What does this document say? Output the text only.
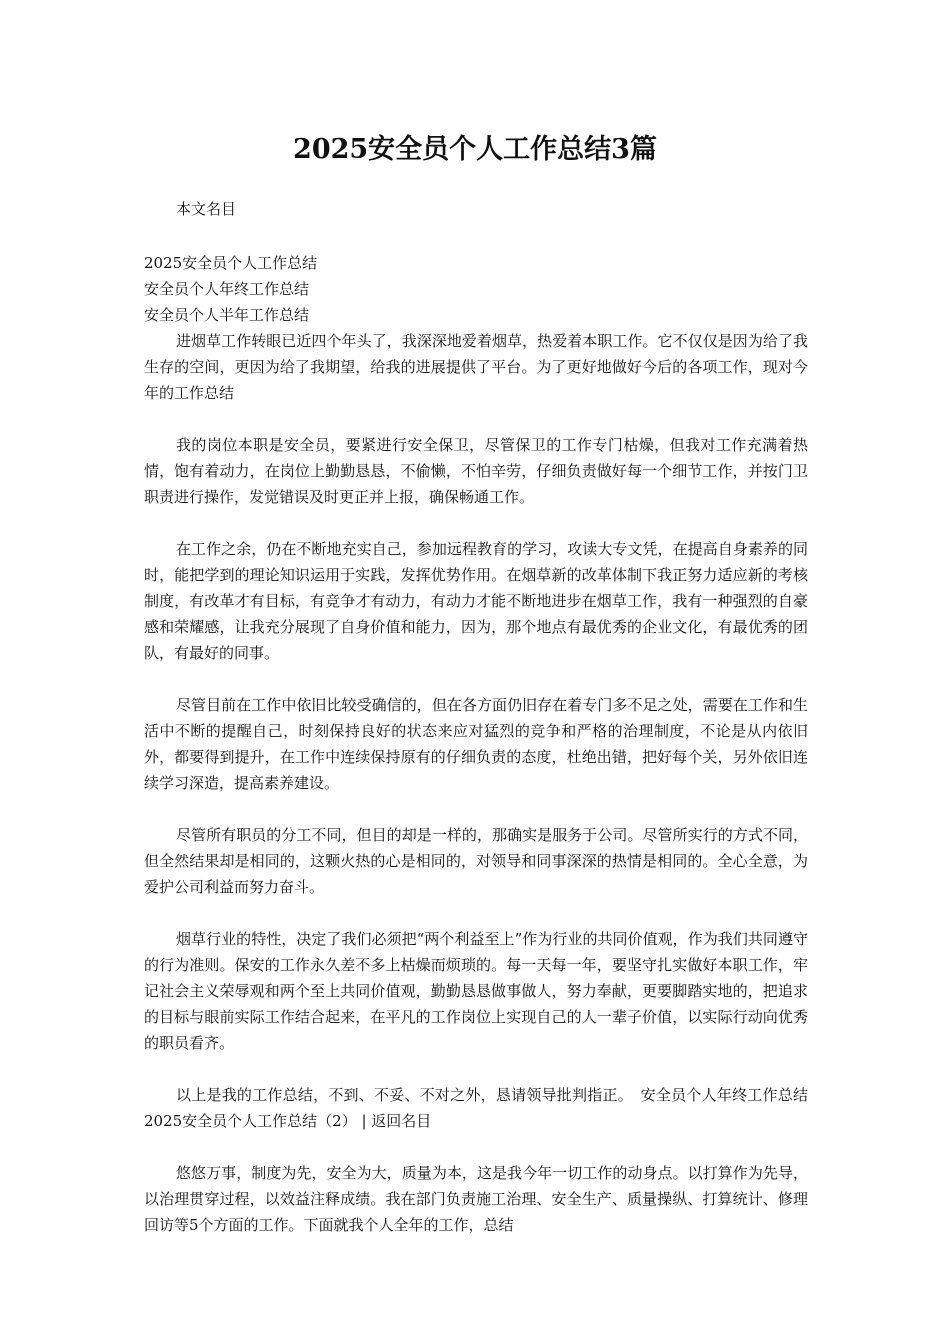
2025安全员个人工作总结3篇

本文名目

2025安全员个人工作总结
安全员个人年终工作总结
安全员个人半年工作总结

进烟草工作转眼已近四个年头了，我深深地爱着烟草，热爱着本职工作。它不仅仅是因为给了我生存的空间，更因为给了我期望，给我的进展提供了平台。为了更好地做好今后的各项工作，现对今年的工作总结

我的岗位本职是安全员，要紧进行安全保卫，尽管保卫的工作专门枯燥，但我对工作充满着热情，饱有着动力，在岗位上勤勤恳恳，不偷懒，不怕辛劳，仔细负责做好每一个细节工作，并按门卫职责进行操作，发觉错误及时更正并上报，确保畅通工作。

在工作之余，仍在不断地充实自己，参加远程教育的学习，攻读大专文凭，在提高自身素养的同时，能把学到的理论知识运用于实践，发挥优势作用。在烟草新的改革体制下我正努力适应新的考核制度，有改革才有目标，有竞争才有动力，有动力才能不断地进步在烟草工作，我有一种强烈的自豪感和荣耀感，让我充分展现了自身价值和能力，因为，那个地点有最优秀的企业文化，有最优秀的团队，有最好的同事。

尽管目前在工作中依旧比较受确信的，但在各方面仍旧存在着专门多不足之处，需要在工作和生活中不断的提醒自己，时刻保持良好的状态来应对猛烈的竞争和严格的治理制度，不论是从内依旧外，都要得到提升，在工作中连续保持原有的仔细负责的态度，杜绝出错，把好每个关，另外依旧连续学习深造，提高素养建设。

尽管所有职员的分工不同，但目的却是一样的，那确实是服务于公司。尽管所实行的方式不同，但全然结果却是相同的，这颗火热的心是相同的，对领导和同事深深的热情是相同的。全心全意，为爱护公司利益而努力奋斗。

烟草行业的特性，决定了我们必须把“两个利益至上”作为行业的共同价值观，作为我们共同遵守的行为准则。保安的工作永久差不多上枯燥而烦琐的。每一天每一年，要坚守扎实做好本职工作，牢记社会主义荣辱观和两个至上共同价值观，勤勤恳恳做事做人，努力奉献，更要脚踏实地的，把追求的目标与眼前实际工作结合起来，在平凡的工作岗位上实现自己的人一辈子价值，以实际行动向优秀的职员看齐。

以上是我的工作总结，不到、不妥、不对之外，恳请领导批判指正。　安全员个人年终工作总结 2025安全员个人工作总结（2） | 返回名目

悠悠万事，制度为先，安全为大，质量为本，这是我今年一切工作的动身点。以打算作为先导，以治理贯穿过程，以效益注释成绩。我在部门负责施工治理、安全生产、质量操纵、打算统计、修理回访等5个方面的工作。下面就我个人全年的工作，总结
